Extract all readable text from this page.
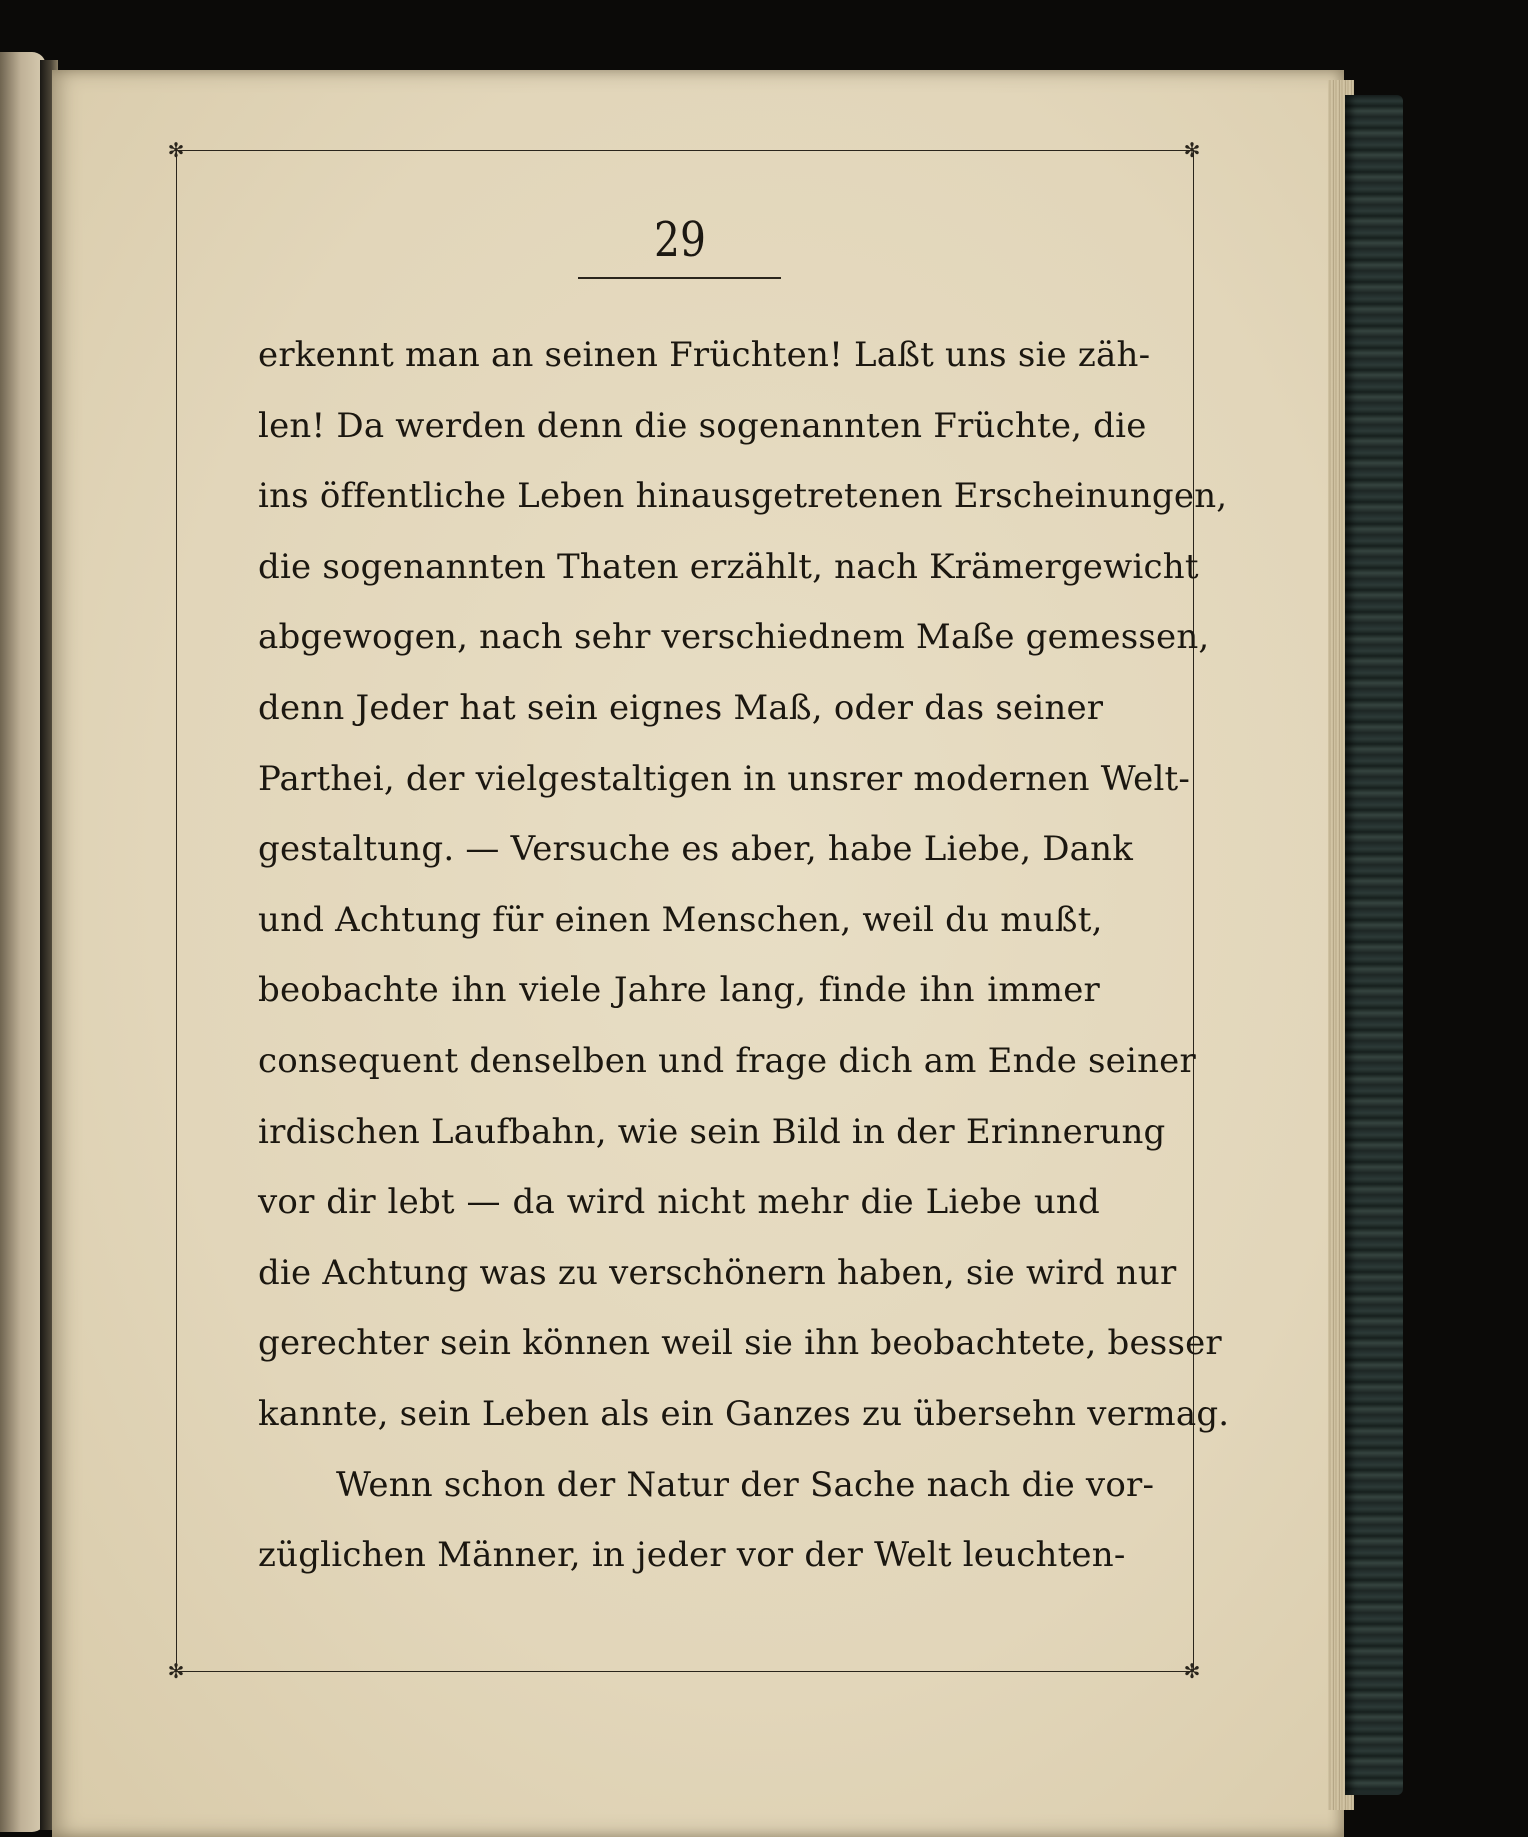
✻	✻
✻	✻
29
erkennt man an seinen Früchten! Laßt uns sie zäh-
len! Da werden denn die sogenannten Früchte, die
ins öffentliche Leben hinausgetretenen Erscheinungen,
die sogenannten Thaten erzählt, nach Krämergewicht
abgewogen, nach sehr verschiednem Maße gemessen,
denn Jeder hat sein eignes Maß, oder das seiner
Parthei, der vielgestaltigen in unsrer modernen Welt-
gestaltung. — Versuche es aber, habe Liebe, Dank
und Achtung für einen Menschen, weil du mußt,
beobachte ihn viele Jahre lang, finde ihn immer
consequent denselben und frage dich am Ende seiner
irdischen Laufbahn, wie sein Bild in der Erinnerung
vor dir lebt — da wird nicht mehr die Liebe und
die Achtung was zu verschönern haben, sie wird nur
gerechter sein können weil sie ihn beobachtete, besser
kannte, sein Leben als ein Ganzes zu übersehn vermag.
Wenn schon der Natur der Sache nach die vor-
züglichen Männer, in jeder vor der Welt leuchten-
